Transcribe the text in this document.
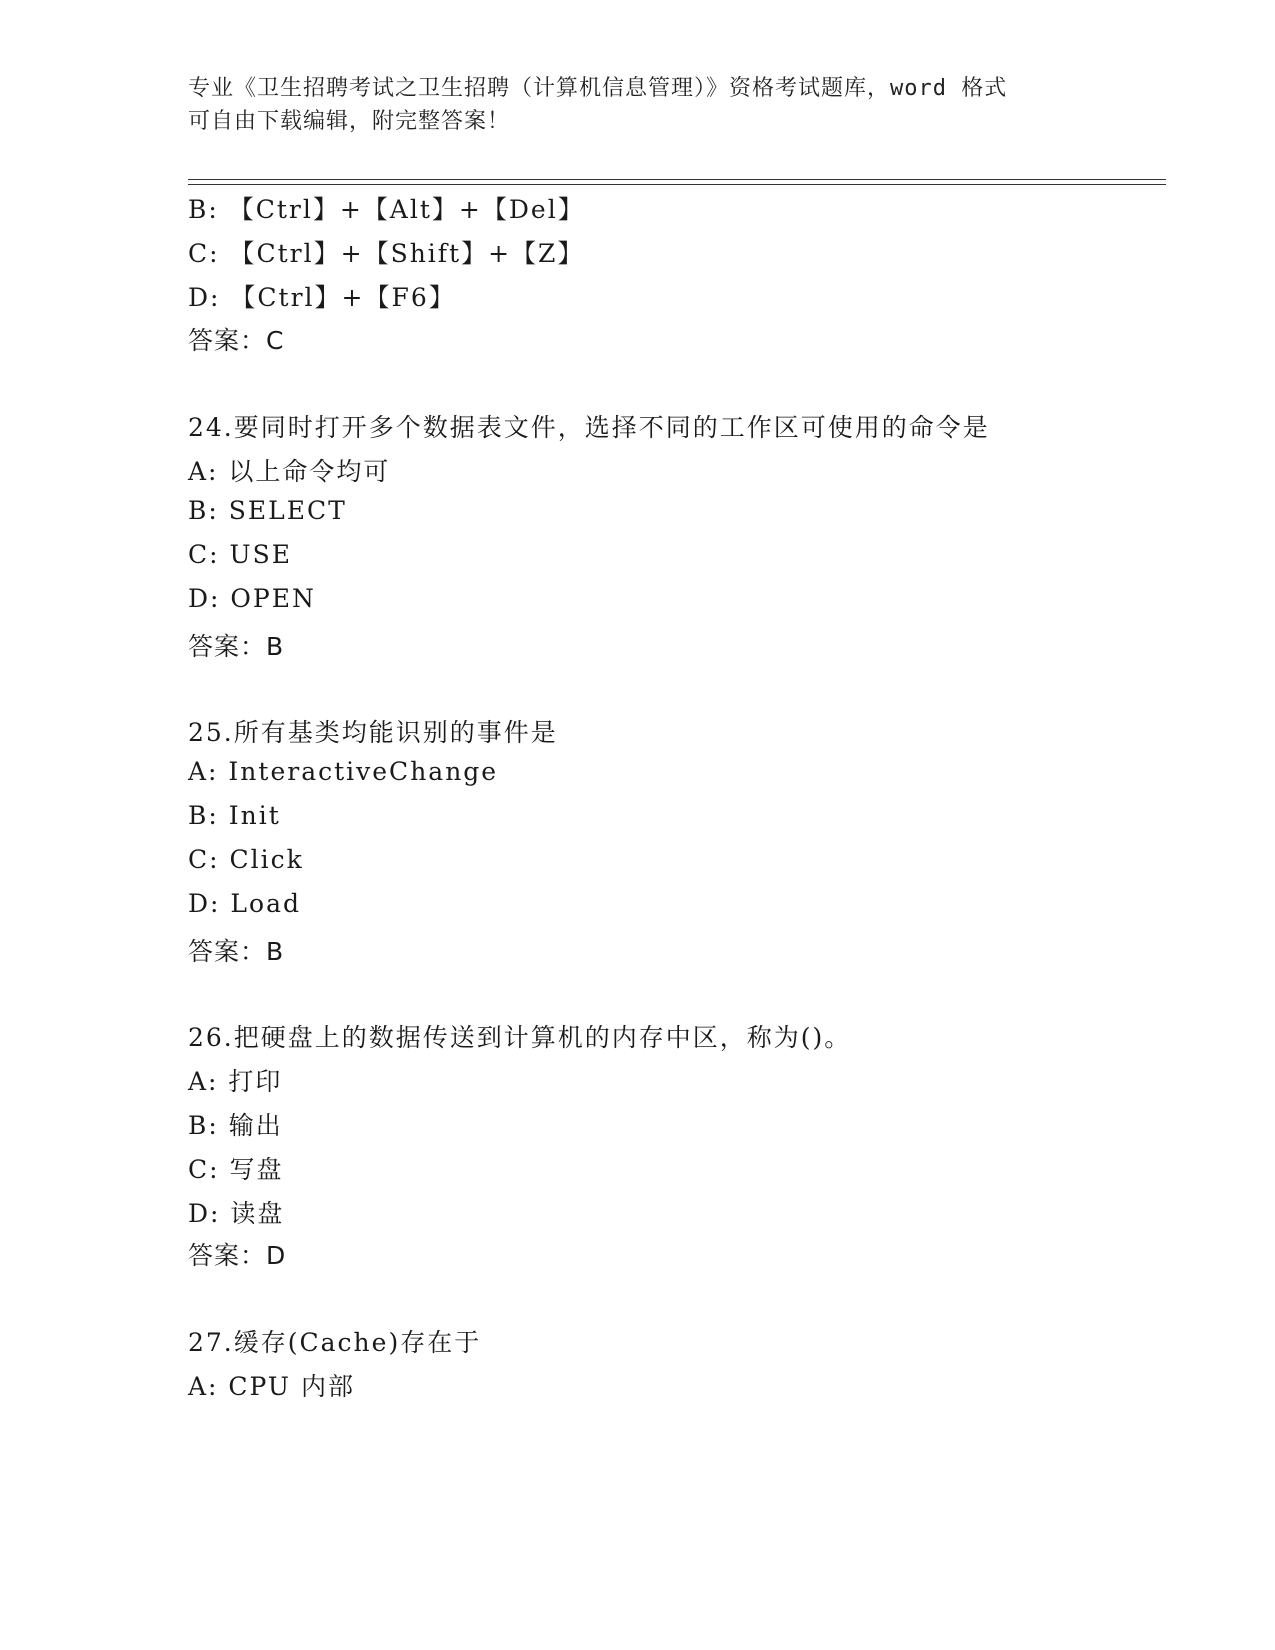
专业《卫生招聘考试之卫生招聘（计算机信息管理）》资格考试题库，word 格式
可自由下载编辑，附完整答案！
B: 【Ctrl】+【Alt】+【Del】
C: 【Ctrl】+【Shift】+【Z】
D: 【Ctrl】+【F6】
答案：C
24.要同时打开多个数据表文件，选择不同的工作区可使用的命令是
A: 以上命令均可
B: SELECT
C: USE
D: OPEN
答案：B
25.所有基类均能识别的事件是
A: InteractiveChange
B: Init
C: Click
D: Load
答案：B
26.把硬盘上的数据传送到计算机的内存中区，称为()。
A: 打印
B: 输出
C: 写盘
D: 读盘
答案：D
27.缓存(Cache)存在于
A: CPU 内部
